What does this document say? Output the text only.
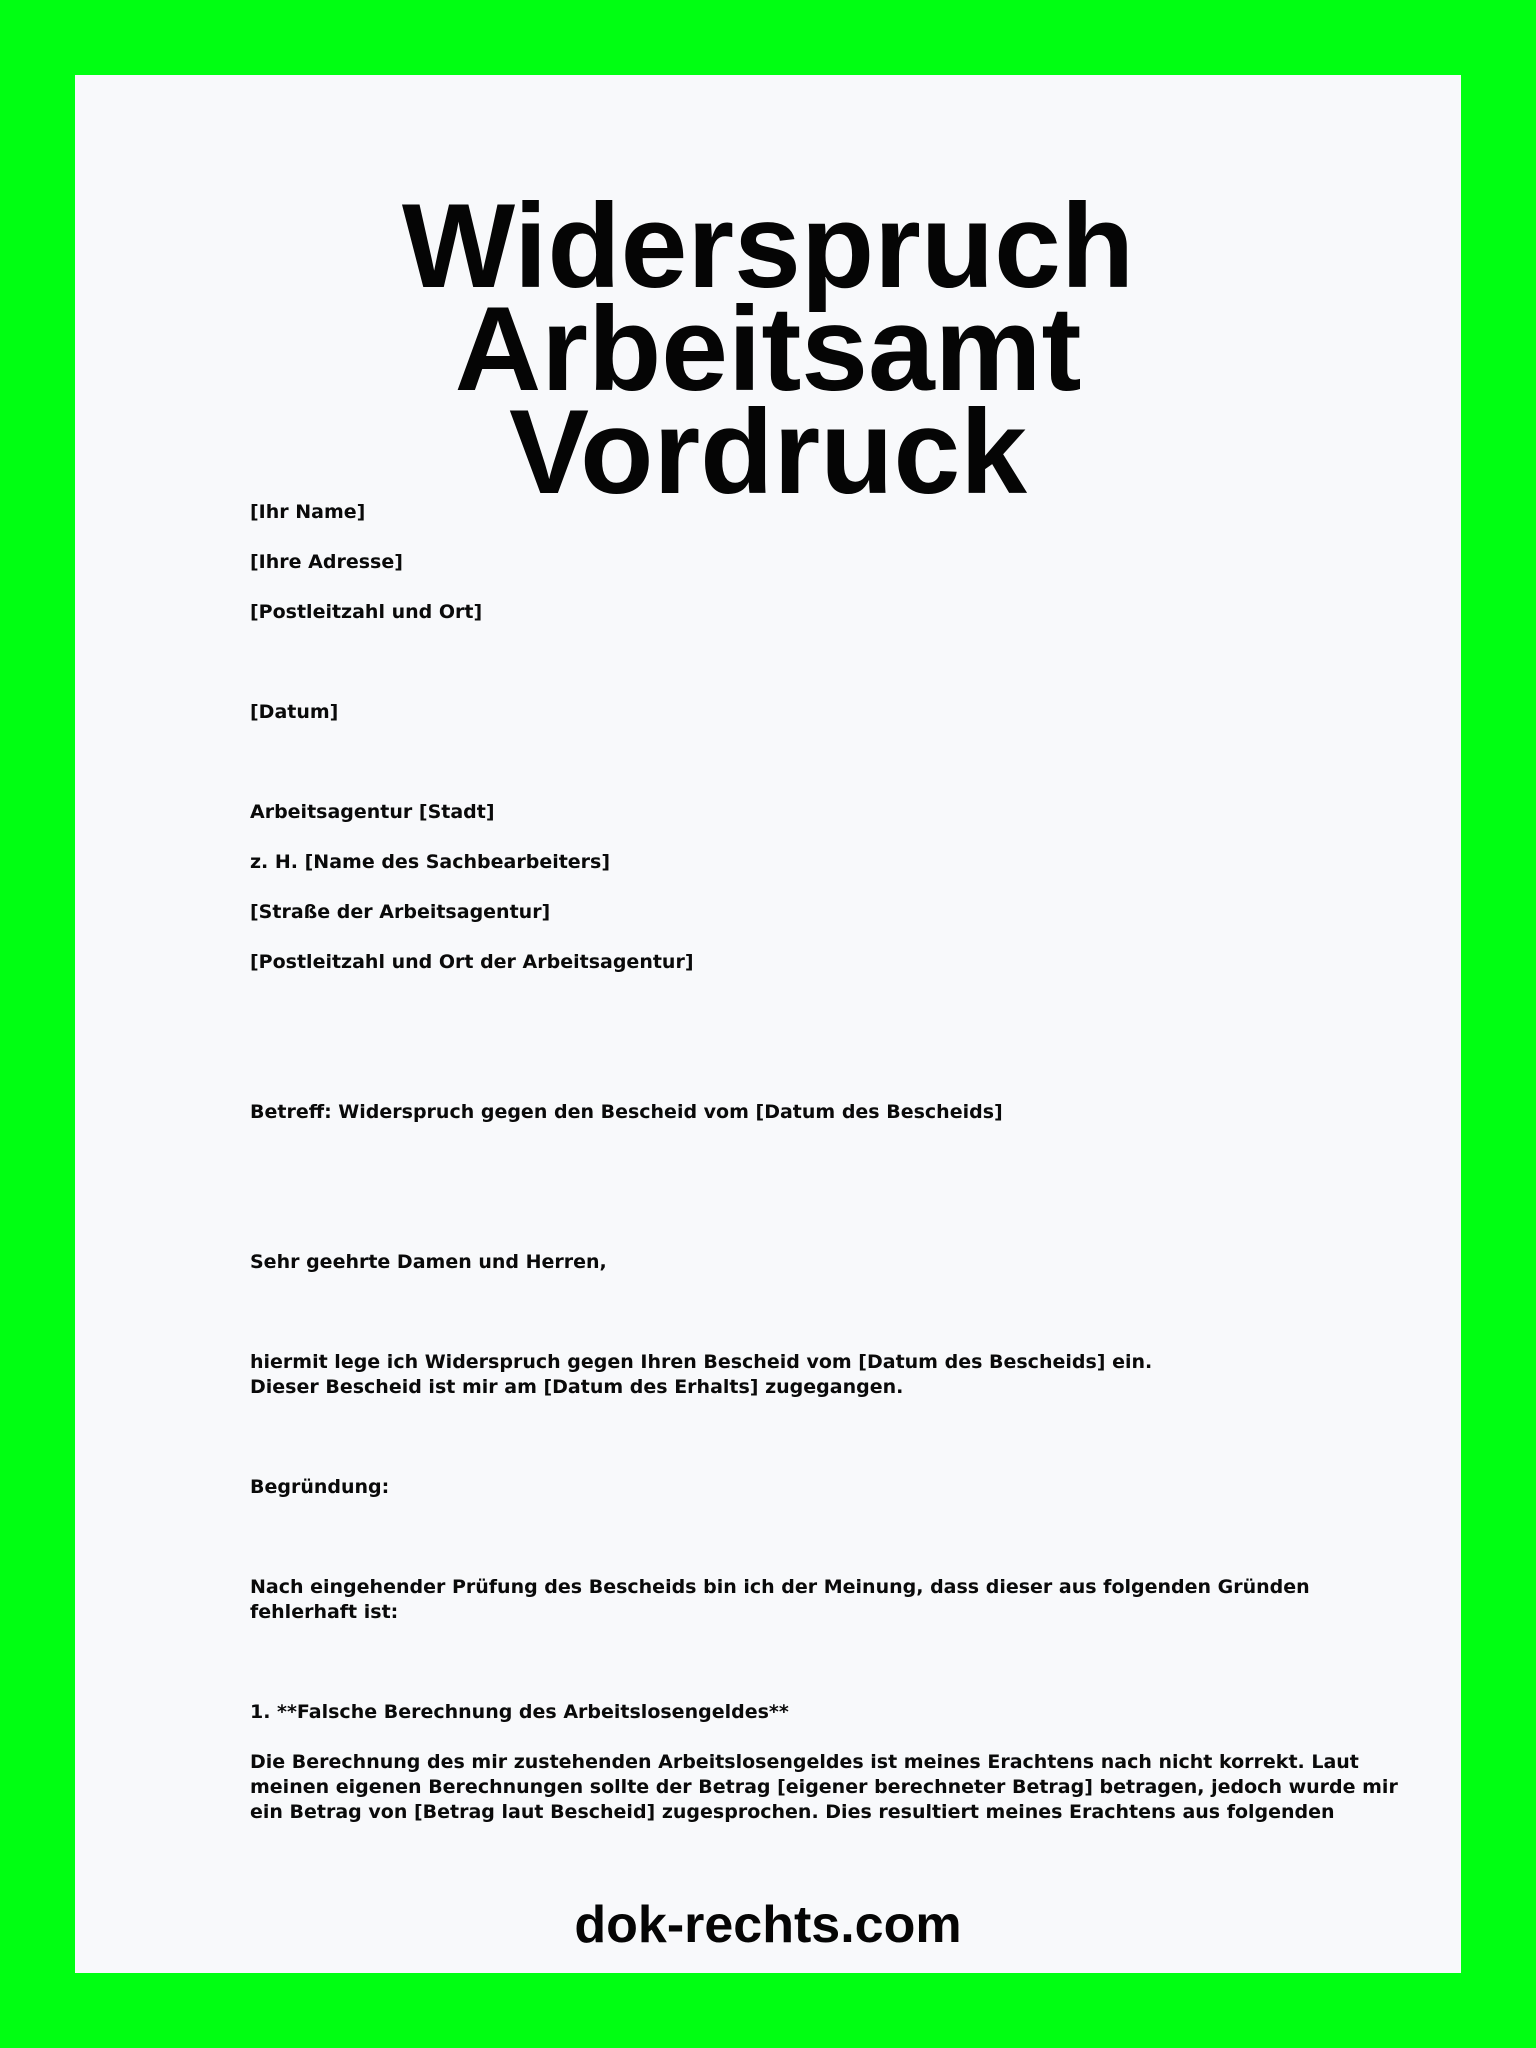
Widerspruch Arbeitsamt
Vordruck

[Ihr Name]

[Ihre Adresse]

[Postleitzahl und Ort]

[Datum]

Arbeitsagentur [Stadt]

z. H. [Name des Sachbearbeiters]

[Straße der Arbeitsagentur]

[Postleitzahl und Ort der Arbeitsagentur]

Betreff: Widerspruch gegen den Bescheid vom [Datum des Bescheids]

Sehr geehrte Damen und Herren,

hiermit lege ich Widerspruch gegen Ihren Bescheid vom [Datum des Bescheids] ein.

Dieser Bescheid ist mir am [Datum des Erhalts] zugegangen.

Begründung:

Nach eingehender Prüfung des Bescheids bin ich der Meinung, dass dieser aus folgenden Gründen

fehlerhaft ist:

1. **Falsche Berechnung des Arbeitslosengeldes**

Die Berechnung des mir zustehenden Arbeitslosengeldes ist meines Erachtens nach nicht korrekt. Laut

meinen eigenen Berechnungen sollte der Betrag [eigener berechneter Betrag] betragen, jedoch wurde mir

ein Betrag von [Betrag laut Bescheid] zugesprochen. Dies resultiert meines Erachtens aus folgenden

dok-rechts.com
